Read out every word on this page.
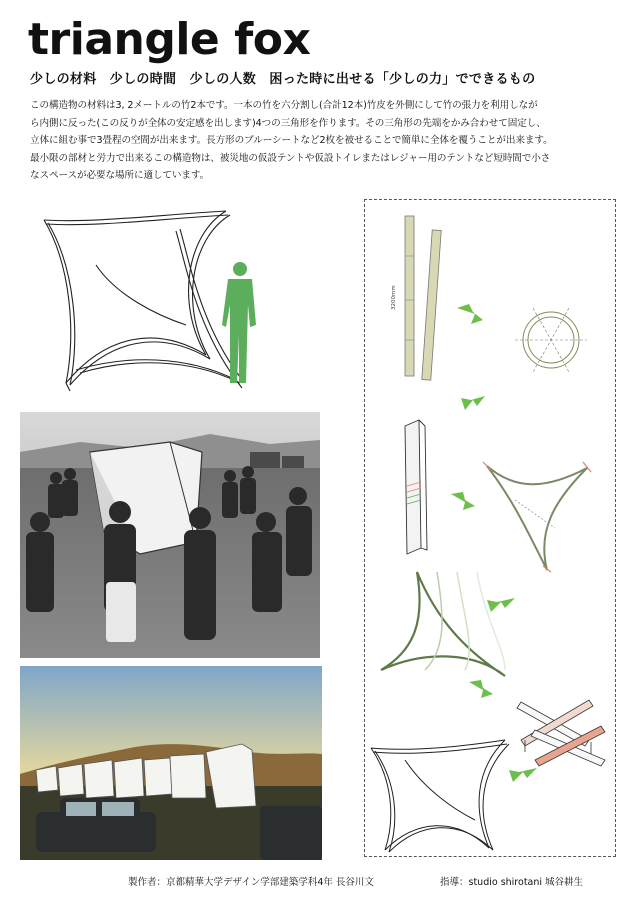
triangle fox
少しの材料　少しの時間　少しの人数　困った時に出せる「少しの力」でできるもの
この構造物の材料は3, 2メートルの竹2本です。一本の竹を六分割し(合計12本)竹皮を外側にして竹の張力を利用しなが
ら内側に反った(この反りが全体の安定感を出します)4つの三角形を作ります。その三角形の先端をかみ合わせて固定し、
立体に組む事で3畳程の空間が出来ます。長方形のブルーシートなど2枚を被せることで簡単に全体を覆うことが出来ます。
最小限の部材と労力で出来るこの構造物は、被災地の仮設テントや仮設トイレまたはレジャー用のテントなど短時間で小さ
なスペースが必要な場所に適しています。
3200mm
製作者：京都精華大学デザイン学部建築学科4年 長谷川文	指導：studio shirotani 城谷耕生
